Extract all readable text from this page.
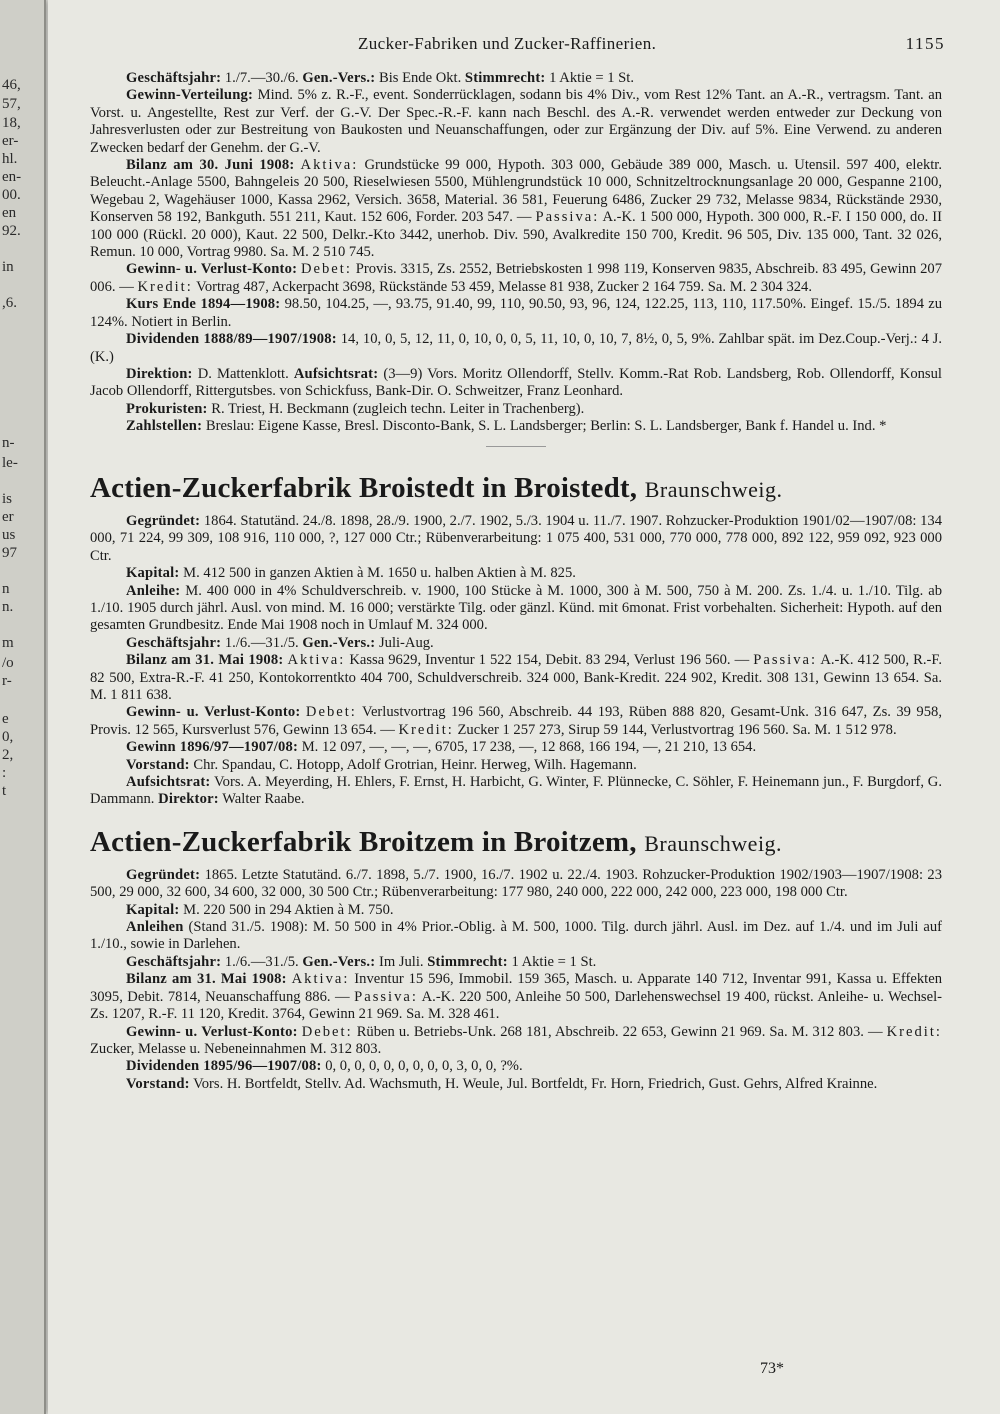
46,
57,
18,
er-
hl.
en-
00.
en
92.
in
,6.
n-
le-
is
er
us
97
n
n.
m
/o
r-
e
0,
2,
:
t
Zucker-Fabriken und Zucker-Raffinerien.	1155

Geschäftsjahr: 1./7.—30./6. Gen.-Vers.: Bis Ende Okt. Stimmrecht: 1 Aktie = 1 St.

Gewinn-Verteilung: Mind. 5% z. R.-F., event. Sonderrücklagen, sodann bis 4% Div., vom Rest 12% Tant. an A.-R., vertragsm. Tant. an Vorst. u. Angestellte, Rest zur Verf. der G.-V. Der Spec.-R.-F. kann nach Beschl. des A.-R. verwendet werden entweder zur Deckung von Jahresverlusten oder zur Bestreitung von Baukosten und Neuanschaffungen, oder zur Ergänzung der Div. auf 5%. Eine Verwend. zu anderen Zwecken bedarf der Genehm. der G.-V.

Bilanz am 30. Juni 1908: Aktiva: Grundstücke 99 000, Hypoth. 303 000, Gebäude 389 000, Masch. u. Utensil. 597 400, elektr. Beleucht.-Anlage 5500, Bahngeleis 20 500, Rieselwiesen 5500, Mühlengrundstück 10 000, Schnitzeltrocknungsanlage 20 000, Gespanne 2100, Wegebau 2, Wagehäuser 1000, Kassa 2962, Versich. 3658, Material. 36 581, Feuerung 6486, Zucker 29 732, Melasse 9834, Rückstände 2930, Konserven 58 192, Bankguth. 551 211, Kaut. 152 606, Forder. 203 547. — Passiva: A.-K. 1 500 000, Hypoth. 300 000, R.-F. I 150 000, do. II 100 000 (Rückl. 20 000), Kaut. 22 500, Delkr.-Kto 3442, unerhob. Div. 590, Avalkredite 150 700, Kredit. 96 505, Div. 135 000, Tant. 32 026, Remun. 10 000, Vortrag 9980. Sa. M. 2 510 745.

Gewinn- u. Verlust-Konto: Debet: Provis. 3315, Zs. 2552, Betriebskosten 1 998 119, Konserven 9835, Abschreib. 83 495, Gewinn 207 006. — Kredit: Vortrag 487, Ackerpacht 3698, Rückstände 53 459, Melasse 81 938, Zucker 2 164 759. Sa. M. 2 304 324.

Kurs Ende 1894—1908: 98.50, 104.25, —, 93.75, 91.40, 99, 110, 90.50, 93, 96, 124, 122.25, 113, 110, 117.50%. Eingef. 15./5. 1894 zu 124%. Notiert in Berlin.

Dividenden 1888/89—1907/1908: 14, 10, 0, 5, 12, 11, 0, 10, 0, 0, 5, 11, 10, 0, 10, 7, 8½, 0, 5, 9%. Zahlbar spät. im Dez.Coup.-Verj.: 4 J. (K.)

Direktion: D. Mattenklott. Aufsichtsrat: (3—9) Vors. Moritz Ollendorff, Stellv. Komm.-Rat Rob. Landsberg, Rob. Ollendorff, Konsul Jacob Ollendorff, Rittergutsbes. von Schickfuss, Bank-Dir. O. Schweitzer, Franz Leonhard.

Prokuristen: R. Triest, H. Beckmann (zugleich techn. Leiter in Trachenberg).

Zahlstellen: Breslau: Eigene Kasse, Bresl. Disconto-Bank, S. L. Landsberger; Berlin: S. L. Landsberger, Bank f. Handel u. Ind. *

Actien-Zuckerfabrik Broistedt in Broistedt, Braunschweig.

Gegründet: 1864. Statutänd. 24./8. 1898, 28./9. 1900, 2./7. 1902, 5./3. 1904 u. 11./7. 1907. Rohzucker-Produktion 1901/02—1907/08: 134 000, 71 224, 99 309, 108 916, 110 000, ?, 127 000 Ctr.; Rübenverarbeitung: 1 075 400, 531 000, 770 000, 778 000, 892 122, 959 092, 923 000 Ctr.

Kapital: M. 412 500 in ganzen Aktien à M. 1650 u. halben Aktien à M. 825.

Anleihe: M. 400 000 in 4% Schuldverschreib. v. 1900, 100 Stücke à M. 1000, 300 à M. 500, 750 à M. 200. Zs. 1./4. u. 1./10. Tilg. ab 1./10. 1905 durch jährl. Ausl. von mind. M. 16 000; verstärkte Tilg. oder gänzl. Künd. mit 6monat. Frist vorbehalten. Sicherheit: Hypoth. auf den gesamten Grundbesitz. Ende Mai 1908 noch in Umlauf M. 324 000.

Geschäftsjahr: 1./6.—31./5. Gen.-Vers.: Juli-Aug.

Bilanz am 31. Mai 1908: Aktiva: Kassa 9629, Inventur 1 522 154, Debit. 83 294, Verlust 196 560. — Passiva: A.-K. 412 500, R.-F. 82 500, Extra-R.-F. 41 250, Kontokorrentkto 404 700, Schuldverschreib. 324 000, Bank-Kredit. 224 902, Kredit. 308 131, Gewinn 13 654. Sa. M. 1 811 638.

Gewinn- u. Verlust-Konto: Debet: Verlustvortrag 196 560, Abschreib. 44 193, Rüben 888 820, Gesamt-Unk. 316 647, Zs. 39 958, Provis. 12 565, Kursverlust 576, Gewinn 13 654. — Kredit: Zucker 1 257 273, Sirup 59 144, Verlustvortrag 196 560. Sa. M. 1 512 978.

Gewinn 1896/97—1907/08: M. 12 097, —, —, —, 6705, 17 238, —, 12 868, 166 194, —, 21 210, 13 654.

Vorstand: Chr. Spandau, C. Hotopp, Adolf Grotrian, Heinr. Herweg, Wilh. Hagemann.

Aufsichtsrat: Vors. A. Meyerding, H. Ehlers, F. Ernst, H. Harbicht, G. Winter, F. Plünnecke, C. Söhler, F. Heinemann jun., F. Burgdorf, G. Dammann. Direktor: Walter Raabe.

Actien-Zuckerfabrik Broitzem in Broitzem, Braunschweig.

Gegründet: 1865. Letzte Statutänd. 6./7. 1898, 5./7. 1900, 16./7. 1902 u. 22./4. 1903. Rohzucker-Produktion 1902/1903—1907/1908: 23 500, 29 000, 32 600, 34 600, 32 000, 30 500 Ctr.; Rübenverarbeitung: 177 980, 240 000, 222 000, 242 000, 223 000, 198 000 Ctr.

Kapital: M. 220 500 in 294 Aktien à M. 750.

Anleihen (Stand 31./5. 1908): M. 50 500 in 4% Prior.-Oblig. à M. 500, 1000. Tilg. durch jährl. Ausl. im Dez. auf 1./4. und im Juli auf 1./10., sowie in Darlehen.

Geschäftsjahr: 1./6.—31./5. Gen.-Vers.: Im Juli. Stimmrecht: 1 Aktie = 1 St.

Bilanz am 31. Mai 1908: Aktiva: Inventur 15 596, Immobil. 159 365, Masch. u. Apparate 140 712, Inventar 991, Kassa u. Effekten 3095, Debit. 7814, Neuanschaffung 886. — Passiva: A.-K. 220 500, Anleihe 50 500, Darlehenswechsel 19 400, rückst. Anleihe- u. Wechsel-Zs. 1207, R.-F. 11 120, Kredit. 3764, Gewinn 21 969. Sa. M. 328 461.

Gewinn- u. Verlust-Konto: Debet: Rüben u. Betriebs-Unk. 268 181, Abschreib. 22 653, Gewinn 21 969. Sa. M. 312 803. — Kredit: Zucker, Melasse u. Nebeneinnahmen M. 312 803.

Dividenden 1895/96—1907/08: 0, 0, 0, 0, 0, 0, 0, 0, 0, 3, 0, 0, ?%.

Vorstand: Vors. H. Bortfeldt, Stellv. Ad. Wachsmuth, H. Weule, Jul. Bortfeldt, Fr. Horn, Friedrich, Gust. Gehrs, Alfred Krainne.

73*
